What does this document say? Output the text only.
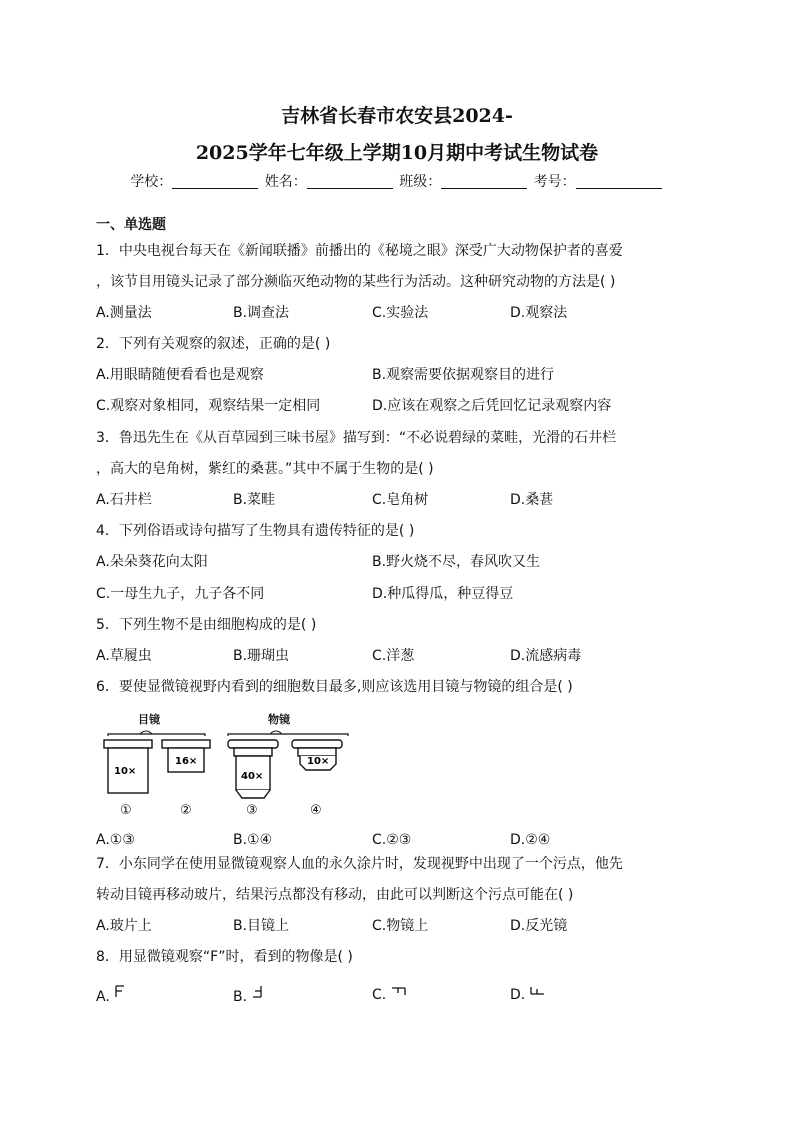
吉林省长春市农安县2024-
2025学年七年级上学期10月期中考试生物试卷
学校：	姓名：	班级：	考号：
一、单选题
1．中央电视台每天在《新闻联播》前播出的《秘境之眼》深受广大动物保护者的喜爱
，该节目用镜头记录了部分濒临灭绝动物的某些行为活动。这种研究动物的方法是( )
A.测量法	B.调查法	C.实验法	D.观察法
2．下列有关观察的叙述，正确的是( )
A.用眼睛随便看看也是观察	B.观察需要依据观察目的进行
C.观察对象相同，观察结果一定相同	D.应该在观察之后凭回忆记录观察内容
3．鲁迅先生在《从百草园到三味书屋》描写到：“不必说碧绿的菜畦，光滑的石井栏
，高大的皂角树，紫红的桑葚。”其中不属于生物的是( )
A.石井栏	B.菜畦	C.皂角树	D.桑葚
4．下列俗语或诗句描写了生物具有遗传特征的是( )
A.朵朵葵花向太阳	B.野火烧不尽，春风吹又生
C.一母生九子，九子各不同	D.种瓜得瓜，种豆得豆
5．下列生物不是由细胞构成的是( )
A.草履虫	B.珊瑚虫	C.洋葱	D.流感病毒
6．要使显微镜视野内看到的细胞数目最多,则应该选用目镜与物镜的组合是( )
目镜	物镜
10×
16×
40×
10×
①	②	③	④
A.①③	B.①④	C.②③	D.②④
7．小东同学在使用显微镜观察人血的永久涂片时，发现视野中出现了一个污点，他先
转动目镜再移动玻片，结果污点都没有移动，由此可以判断这个污点可能在( )
A.玻片上	B.目镜上	C.物镜上	D.反光镜
8．用显微镜观察“F”时，看到的物像是( )
A.	B.	C.	D.
